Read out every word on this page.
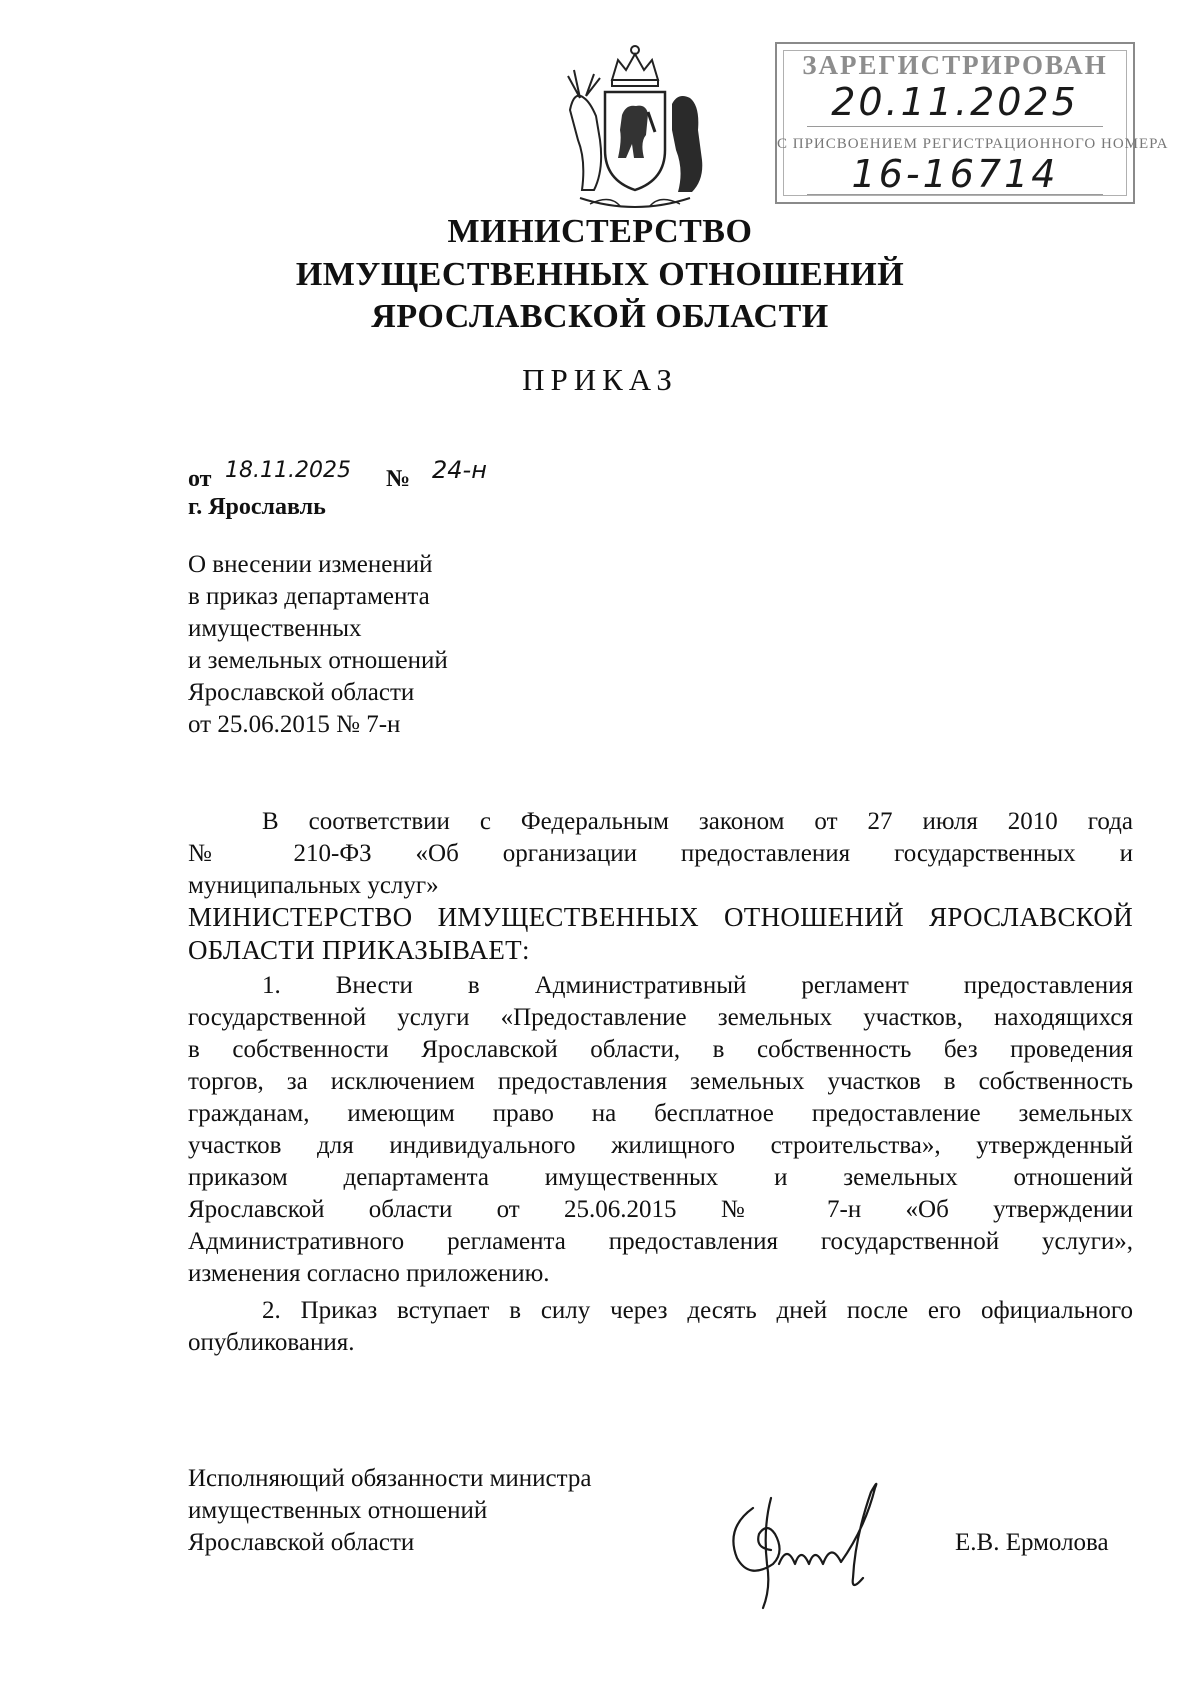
ЗАРЕГИСТРИРОВАН
20.11.2025
С ПРИСВОЕНИЕМ РЕГИСТРАЦИОННОГО НОМЕРА
16-16714
МИНИСТЕРСТВО
ИМУЩЕСТВЕННЫХ ОТНОШЕНИЙ
ЯРОСЛАВСКОЙ ОБЛАСТИ
ПРИКАЗ
от 18.11.2025 № 24-н
г. Ярославль
О внесении изменений
в приказ департамента
имущественных
и земельных отношений
Ярославской области
от 25.06.2015 № 7-н
В соответствии с Федеральным законом от 27 июля 2010 года
№ 210-ФЗ «Об организации предоставления государственных и
муниципальных услуг»
МИНИСТЕРСТВО ИМУЩЕСТВЕННЫХ ОТНОШЕНИЙ ЯРОСЛАВСКОЙ
ОБЛАСТИ ПРИКАЗЫВАЕТ:
1. Внести в Административный регламент предоставления
государственной услуги «Предоставление земельных участков, находящихся
в собственности Ярославской области, в собственность без проведения
торгов, за исключением предоставления земельных участков в собственность
гражданам, имеющим право на бесплатное предоставление земельных
участков для индивидуального жилищного строительства», утвержденный
приказом департамента имущественных и земельных отношений
Ярославской области от 25.06.2015 № 7-н «Об утверждении
Административного регламента предоставления государственной услуги»,
изменения согласно приложению.
2. Приказ вступает в силу через десять дней после его официального
опубликования.
Исполняющий обязанности министра
имущественных отношений
Ярославской области	Е.В. Ермолова
